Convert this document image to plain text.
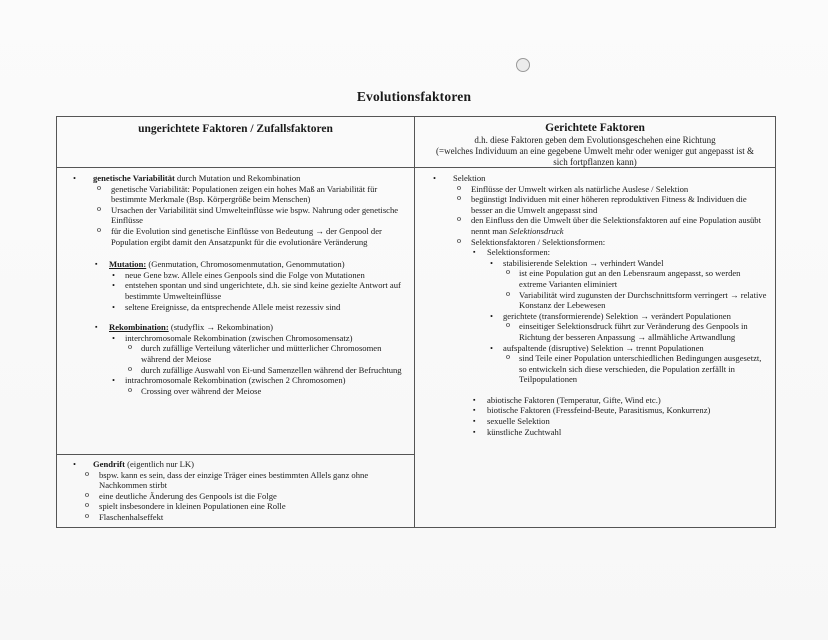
Evolutionsfaktoren
ungerichtete Faktoren / Zufallsfaktoren	Gerichtete Faktoren
d.h. diese Faktoren geben dem Evolutionsgeschehen eine Richtung
(=welches Individuum an eine gegebene Umwelt mehr oder weniger gut angepasst ist &
sich fortpflanzen kann)
• genetische Variabilität durch Mutation und Rekombination
o genetische Variabilität: Populationen zeigen ein hohes Maß an Variabilität für bestimmte Merkmale (Bsp. Körpergröße beim Menschen)
o Ursachen der Variabilität sind Umwelteinflüsse wie bspw. Nahrung oder genetische Einflüsse
o für die Evolution sind genetische Einflüsse von Bedeutung → der Genpool der Population ergibt damit den Ansatzpunkt für die evolutionäre Veränderung
▪ Mutation: (Genmutation, Chromosomenmutation, Genommutation)
• neue Gene bzw. Allele eines Genpools sind die Folge von Mutationen
• entstehen spontan und sind ungerichtete, d.h. sie sind keine gezielte Antwort auf bestimmte Umwelteinflüsse
• seltene Ereignisse, da entsprechende Allele meist rezessiv sind
▪ Rekombination: (studyflix → Rekombination)
• interchromosomale Rekombination (zwischen Chromosomensatz)
o durch zufällige Verteilung väterlicher und mütterlicher Chromosomen während der Meiose
o durch zufällige Auswahl von Ei-und Samenzellen während der Befruchtung
• intrachromosomale Rekombination (zwischen 2 Chromosomen)
o Crossing over während der Meiose
• Gendrift (eigentlich nur LK)
o bspw. kann es sein, dass der einzige Träger eines bestimmten Allels ganz ohne Nachkommen stirbt
o eine deutliche Änderung des Genpools ist die Folge
o spielt insbesondere in kleinen Populationen eine Rolle
o Flaschenhalseffekt
• Selektion
o Einflüsse der Umwelt wirken als natürliche Auslese / Selektion
o begünstigt Individuen mit einer höheren reproduktiven Fitness & Individuen die besser an die Umwelt angepasst sind
o den Einfluss den die Umwelt über die Selektionsfaktoren auf eine Population ausübt nennt man Selektionsdruck
o Selektionsfaktoren / Selektionsformen:
▪ Selektionsformen:
• stabilisierende Selektion → verhindert Wandel
o ist eine Population gut an den Lebensraum angepasst, so werden extreme Varianten eliminiert
o Variabilität wird zugunsten der Durchschnittsform verringert → relative Konstanz der Lebewesen
• gerichtete (transformierende) Selektion → verändert Populationen
o einseitiger Selektionsdruck führt zur Veränderung des Genpools in Richtung der besseren Anpassung → allmähliche Artwandlung
• aufspaltende (disruptive) Selektion → trennt Populationen
o sind Teile einer Population unterschiedlichen Bedingungen ausgesetzt, so entwickeln sich diese verschieden, die Population zerfällt in Teilpopulationen
▪ abiotische Faktoren (Temperatur, Gifte, Wind etc.)
▪ biotische Faktoren (Fressfeind-Beute, Parasitismus, Konkurrenz)
▪ sexuelle Selektion
▪ künstliche Zuchtwahl
